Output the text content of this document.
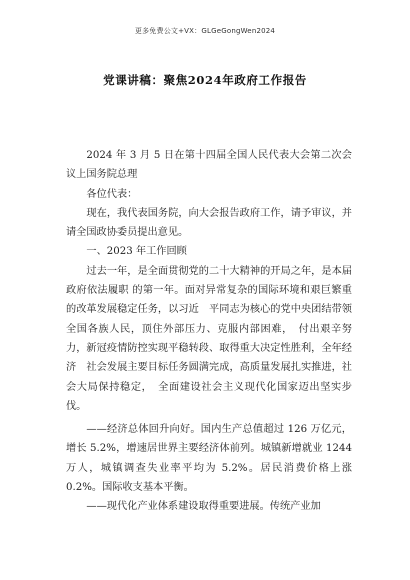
更多免费公文+VX：GLGeGongWen2024
党课讲稿：聚焦2024年政府工作报告

2024 年 3 月 5 日在第十四届全国人民代表大会第二次会议上国务院总理

各位代表：

现在，我代表国务院，向大会报告政府工作，请予审议，并请全国政协委员提出意见。

一、2023 年工作回顾

过去一年，是全面贯彻党的二十大精神的开局之年，是本届政府依法履职 的第一年。面对异常复杂的国际环境和艰巨繁重的改革发展稳定任务，以习近　平同志为核心的党中央团结带领全国各族人民，顶住外部压力、克服内部困难，　付出艰辛努力，新冠疫情防控实现平稳转段、取得重大决定性胜利，全年经济　社会发展主要目标任务圆满完成，高质量发展扎实推进，社会大局保持稳定，　全面建设社会主义现代化国家迈出坚实步伐。

——经济总体回升向好。国内生产总值超过 126 万亿元，增长 5.2%，增速居世界主要经济体前列。城镇新增就业 1244 万人，城镇调查失业率平均为 5.2%。居民消费价格上涨 0.2%。国际收支基本平衡。

——现代化产业体系建设取得重要进展。传统产业加
